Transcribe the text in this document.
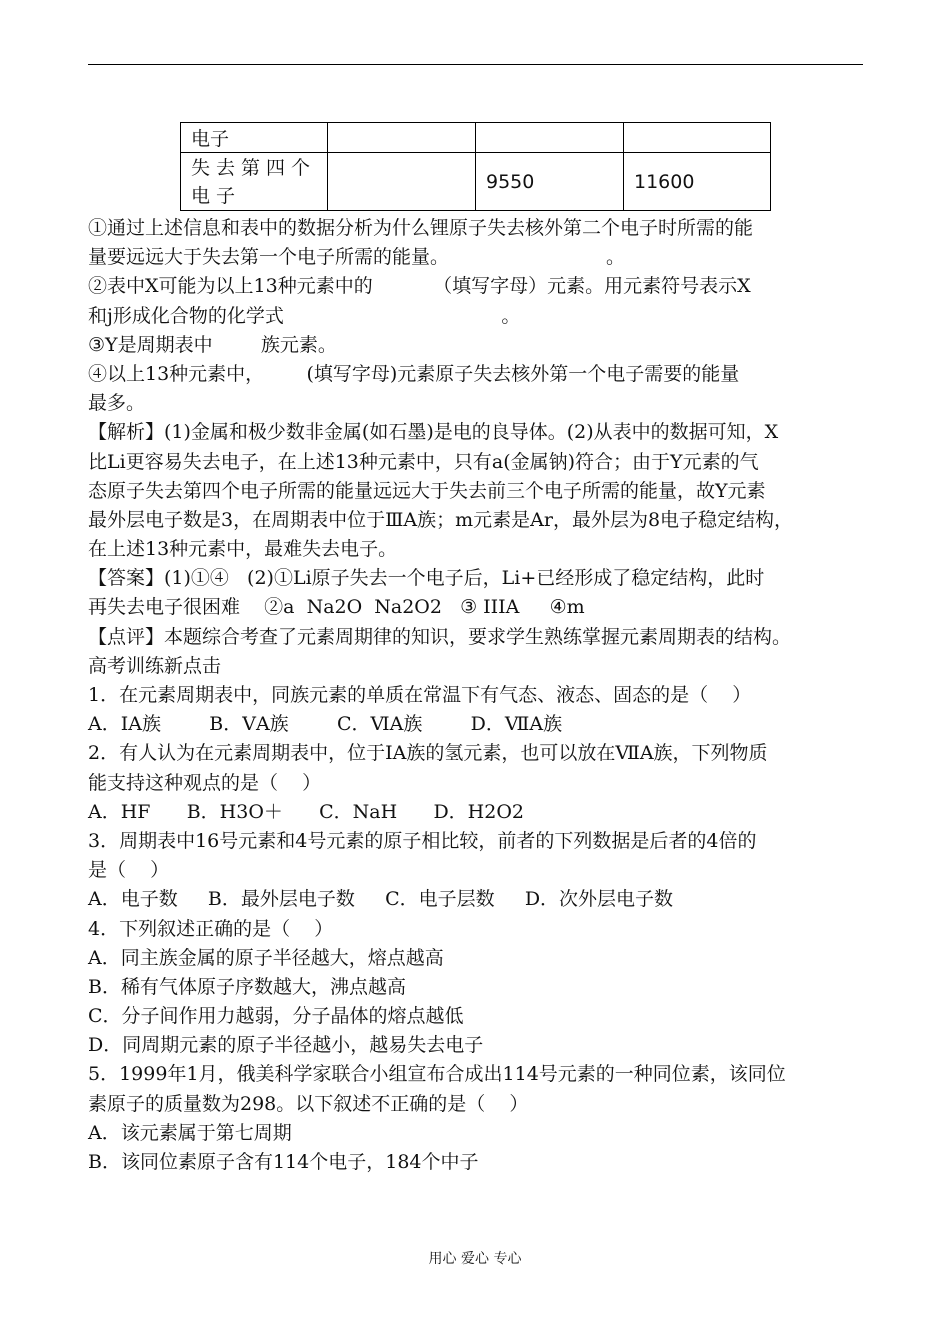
电子			

失去第四个
电子		9550	11600
①通过上述信息和表中的数据分析为什么锂原子失去核外第二个电子时所需的能
量要远远大于失去第一个电子所需的能量。                          。
②表中X可能为以上13种元素中的          （填写字母）元素。用元素符号表示X
和j形成化合物的化学式                                    。
③Y是周期表中        族元素。
④以上13种元素中，       (填写字母)元素原子失去核外第一个电子需要的能量
最多。
【解析】(1)金属和极少数非金属(如石墨)是电的良导体。(2)从表中的数据可知，X
比Li更容易失去电子，在上述13种元素中，只有a(金属钠)符合；由于Y元素的气
态原子失去第四个电子所需的能量远远大于失去前三个电子所需的能量，故Y元素
最外层电子数是3，在周期表中位于ⅢA族；m元素是Ar，最外层为8电子稳定结构，
在上述13种元素中，最难失去电子。
【答案】(1)①④   (2)①Li原子失去一个电子后，Li+已经形成了稳定结构，此时
再失去电子很困难    ②a  Na2O  Na2O2   ③ IIIA     ④m
【点评】本题综合考查了元素周期律的知识，要求学生熟练掌握元素周期表的结构。
高考训练新点击
1．在元素周期表中，同族元素的单质在常温下有气态、液态、固态的是（    ）
A．ⅠA族        B．ⅤA族        C．ⅥA族        D．ⅦA族
2．有人认为在元素周期表中，位于ⅠA族的氢元素，也可以放在ⅦA族，下列物质
能支持这种观点的是（    ）
A．HF      B．H3O＋      C．NaH      D．H2O2
3．周期表中16号元素和4号元素的原子相比较，前者的下列数据是后者的4倍的
是（    ）
A．电子数     B．最外层电子数     C．电子层数     D．次外层电子数
4．下列叙述正确的是（    ）
A．同主族金属的原子半径越大，熔点越高
B．稀有气体原子序数越大，沸点越高
C．分子间作用力越弱，分子晶体的熔点越低
D．同周期元素的原子半径越小，越易失去电子
5．1999年1月，俄美科学家联合小组宣布合成出114号元素的一种同位素，该同位
素原子的质量数为298。以下叙述不正确的是（    ）
A．该元素属于第七周期
B．该同位素原子含有114个电子，184个中子
用心 爱心 专心
